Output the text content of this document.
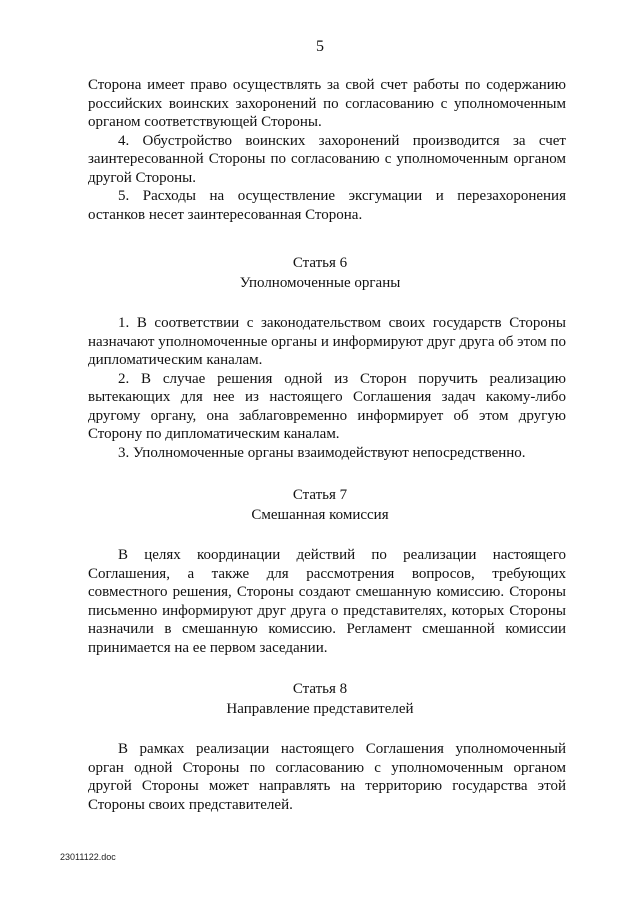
5

Сторона имеет право осуществлять за свой счет работы по содержанию российских воинских захоронений по согласованию с уполномоченным органом соответствующей Стороны.

4. Обустройство воинских захоронений производится за счет заинтересованной Стороны по согласованию с уполномоченным органом другой Стороны.

5. Расходы на осуществление эксгумации и перезахоронения останков несет заинтересованная Сторона.

Статья 6
Уполномоченные органы

1. В соответствии с законодательством своих государств Стороны назначают уполномоченные органы и информируют друг друга об этом по дипломатическим каналам.

2. В случае решения одной из Сторон поручить реализацию вытекающих для нее из настоящего Соглашения задач какому-либо другому органу, она заблаговременно информирует об этом другую Сторону по дипломатическим каналам.

3. Уполномоченные органы взаимодействуют непосредственно.

Статья 7
Смешанная комиссия

В целях координации действий по реализации настоящего Соглашения, а также для рассмотрения вопросов, требующих совместного решения, Стороны создают смешанную комиссию. Стороны письменно информируют друг друга о представителях, которых Стороны назначили в смешанную комиссию. Регламент смешанной комиссии принимается на ее первом заседании.

Статья 8
Направление представителей

В рамках реализации настоящего Соглашения уполномоченный орган одной Стороны по согласованию с уполномоченным органом другой Стороны может направлять на территорию государства этой Стороны своих представителей.

23011122.doc
